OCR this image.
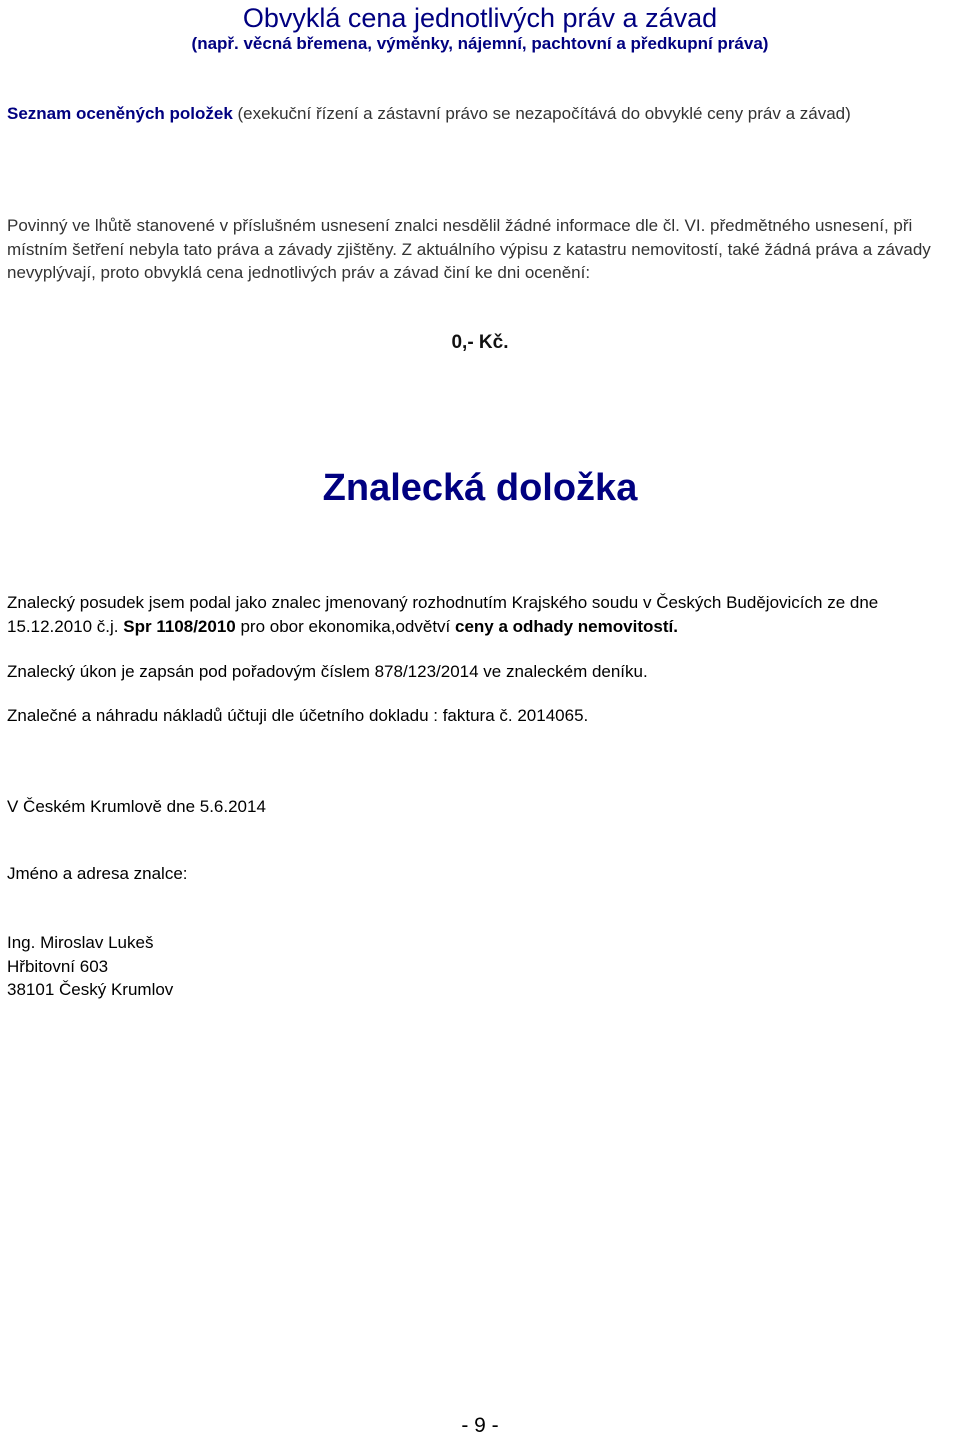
Obvyklá cena jednotlivých práv a závad
(např. věcná břemena, výměnky, nájemní, pachtovní a předkupní práva)
Seznam oceněných položek (exekuční řízení a zástavní právo se nezapočítává do obvyklé ceny práv a závad)
Povinný ve lhůtě stanovené v příslušném usnesení znalci nesdělil žádné informace dle čl. VI. předmětného usnesení, při místním šetření nebyla tato práva a závady zjištěny. Z aktuálního výpisu z katastru nemovitostí, také žádná práva a závady nevyplývají, proto obvyklá cena jednotlivých práv a závad činí ke dni ocenění:
0,- Kč.
Znalecká doložka
Znalecký posudek jsem podal jako znalec jmenovaný rozhodnutím Krajského soudu v Českých Budějovicích ze dne 15.12.2010 č.j. Spr 1108/2010 pro obor ekonomika,odvětví ceny a odhady nemovitostí.
Znalecký úkon je zapsán pod pořadovým číslem 878/123/2014 ve znaleckém deníku.
Znalečné a náhradu nákladů účtuji dle účetního dokladu : faktura č. 2014065.
V Českém Krumlově dne 5.6.2014
Jméno a adresa znalce:
Ing. Miroslav Lukeš
Hřbitovní 603
38101 Český Krumlov
- 9 -
